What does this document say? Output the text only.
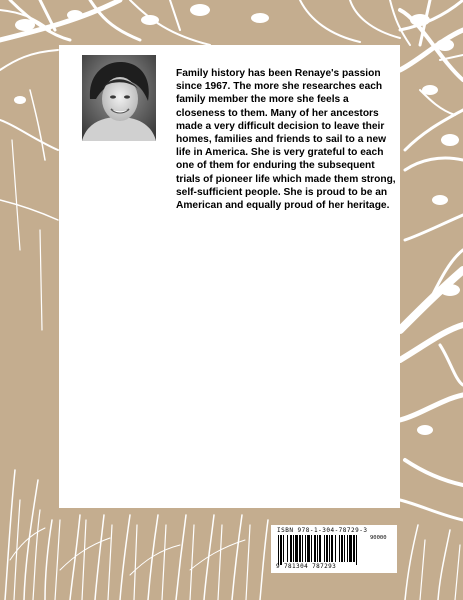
Family history has been Renaye's passion since 1967. The more she researches each family member the more she feels a closeness to them. Many of her ancestors made a very difficult decision to leave their homes, families and friends to sail to a new life in America. She is very grateful to each one of them for enduring the subsequent trials of pioneer life which made them strong, self-sufficient people. She is proud to be an American and equally proud of her heritage.

ISBN 978-1-304-78729-3
90000
9 781304 787293
